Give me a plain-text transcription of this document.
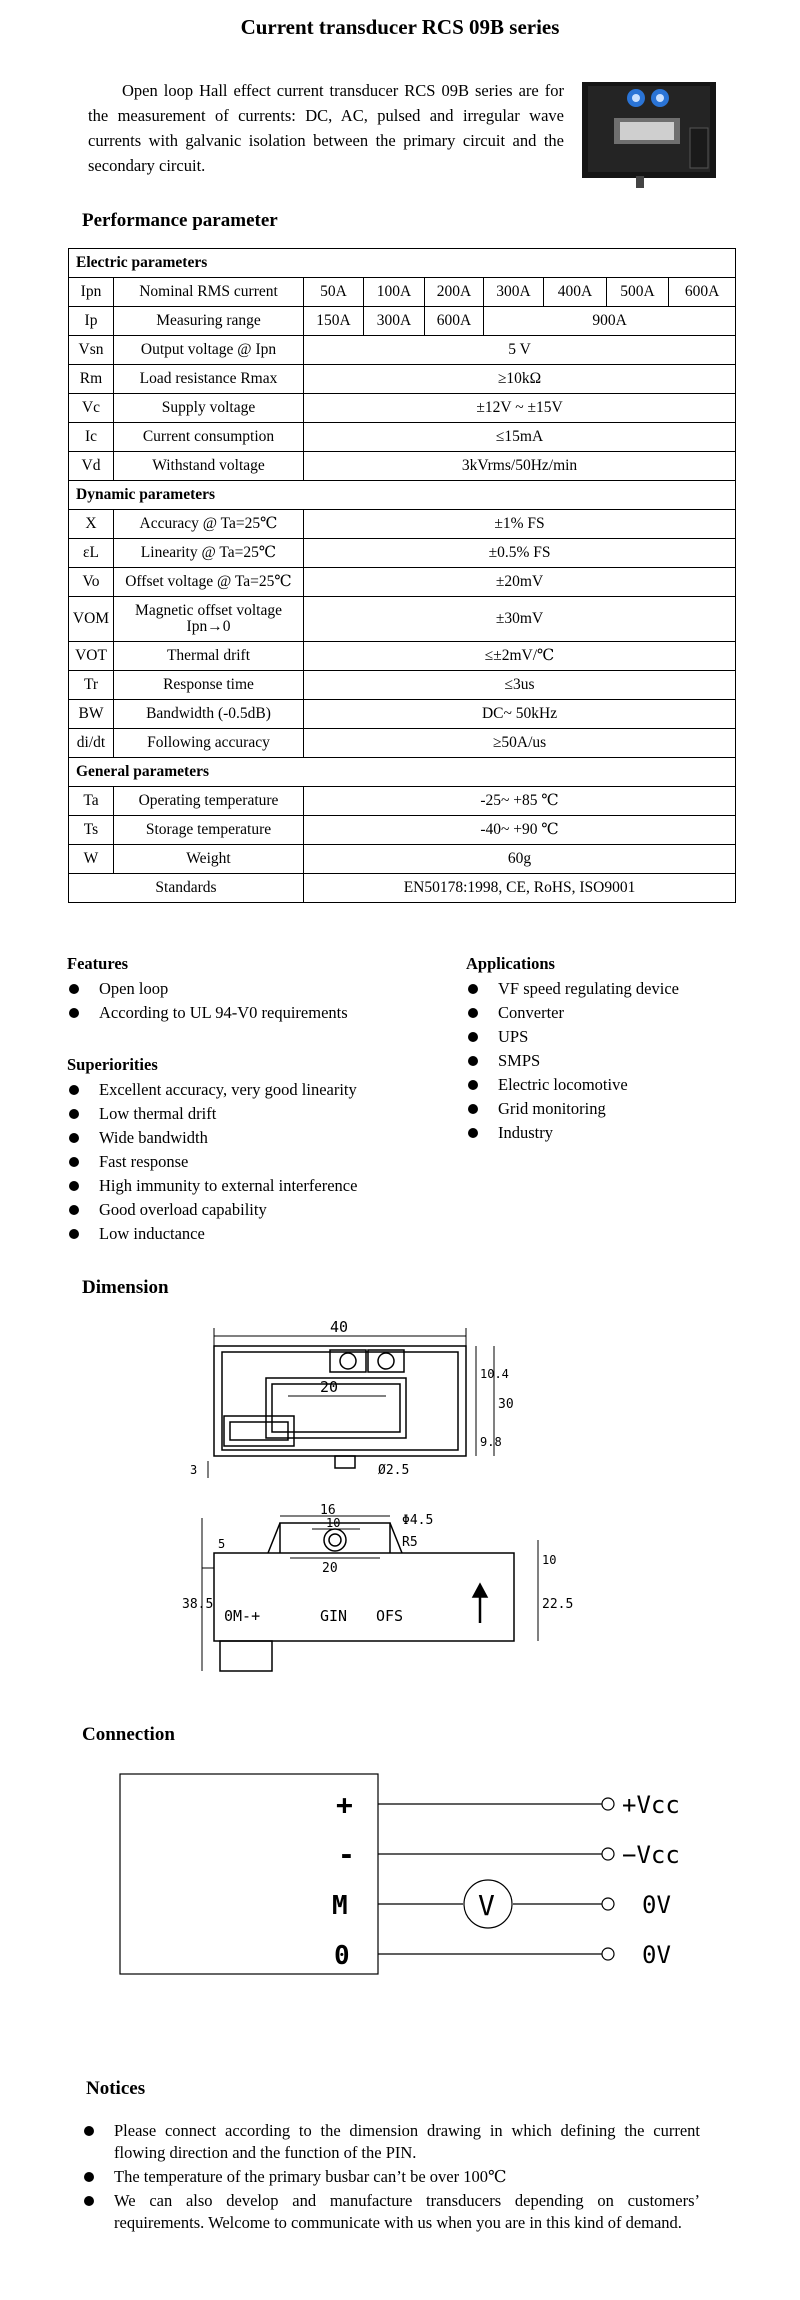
Current transducer RCS 09B series
Open loop Hall effect current transducer RCS 09B series are for the measurement of currents: DC, AC, pulsed and irregular wave currents with galvanic isolation between the primary circuit and the secondary circuit.
Performance parameter
Electric parameters								
Ipn	Nominal RMS current	50A	100A	200A	300A	400A	500A	600A
Ip	Measuring range	150A	300A	600A	900A			
Vsn	Output voltage @ Ipn	5 V						
Rm	Load resistance Rmax	≥10kΩ						
Vc	Supply voltage	±12V ~ ±15V						
Ic	Current consumption	≤15mA						
Vd	Withstand voltage	3kVrms/50Hz/min						
Dynamic parameters								
X	Accuracy @ Ta=25℃	±1% FS						
εL	Linearity @ Ta=25℃	±0.5% FS						
Vo	Offset voltage @ Ta=25℃	±20mV						
VOM	Magnetic offset voltage Ipn→0	±30mV						
VOT	Thermal drift	≤±2mV/℃						
Tr	Response time	≤3us						
BW	Bandwidth (-0.5dB)	DC~ 50kHz						
di/dt	Following accuracy	≥50A/us						
General parameters								
Ta	Operating temperature	-25~ +85 ℃						
Ts	Storage temperature	-40~ +90 ℃						
W	Weight	60g						
Standards		EN50178:1998, CE, RoHS, ISO9001						
Features
Open loop
According to UL 94-V0 requirements
Superiorities
Excellent accuracy, very good linearity
Low thermal drift
Wide bandwidth
Fast response
High immunity to external interference
Good overload capability
Low inductance
Applications
VF speed regulating device
Converter
UPS
SMPS
Electric locomotive
Grid monitoring
Industry
Dimension
40
20
10.4
30
9.8
3	Ø2.5
16
10	Φ4.5
R5
20
5
10
38.5	22.5
0M-+	GIN OFS
Connection
+
-
M
0
V
+Vcc
−Vcc
0V
0V
Notices
Please connect according to the dimension drawing in which defining the current flowing direction and the function of the PIN.
The temperature of the primary busbar can’t be over 100℃
We can also develop and manufacture transducers depending on customers’ requirements. Welcome to communicate with us when you are in this kind of demand.
